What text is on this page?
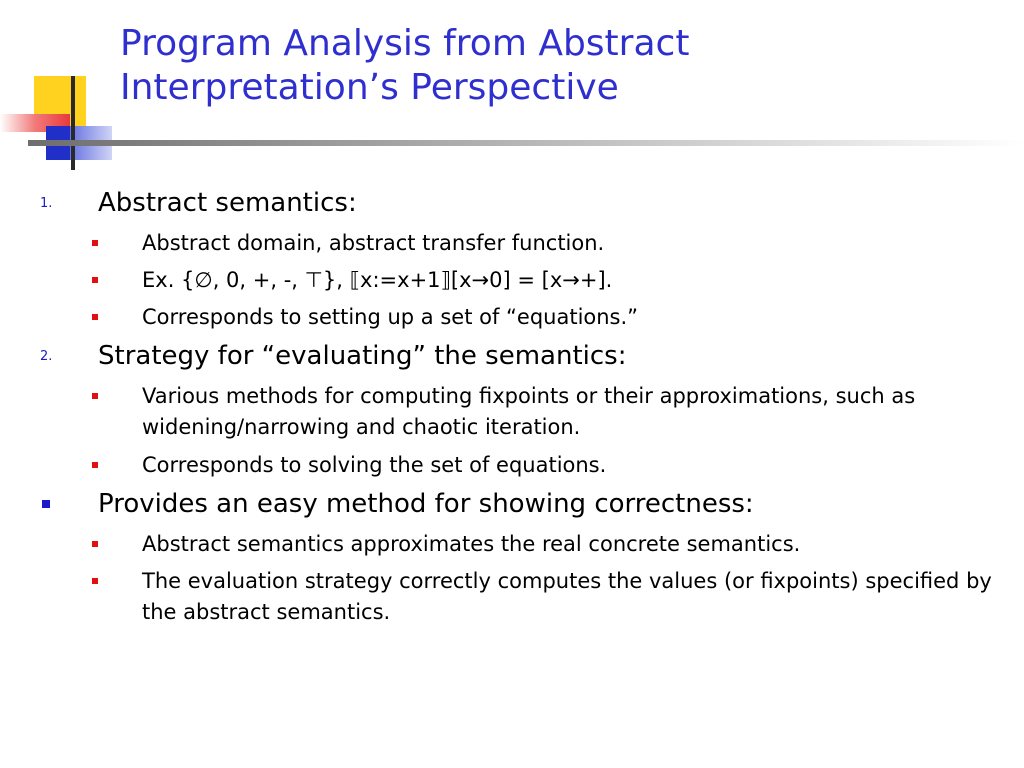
Program Analysis from Abstract
Interpretation’s Perspective
1. Abstract semantics:
Abstract domain, abstract transfer function.
Ex. {∅, 0, +, -, ⊤}, ⟦x:=x+1⟧[x→0] = [x→+].
Corresponds to setting up a set of “equations.”
2. Strategy for “evaluating” the semantics:
Various methods for computing fixpoints or their approximations, such as widening/narrowing and chaotic iteration.
Corresponds to solving the set of equations.
Provides an easy method for showing correctness:
Abstract semantics approximates the real concrete semantics.
The evaluation strategy correctly computes the values (or fixpoints) specified by the abstract semantics.
